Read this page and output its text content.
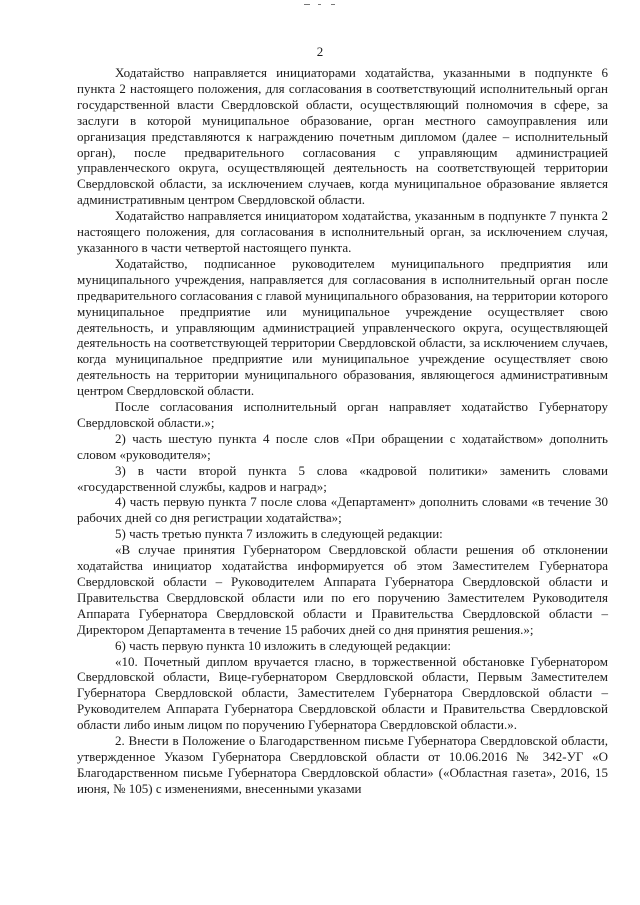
2

Ходатайство направляется инициаторами ходатайства, указанными в подпункте 6 пункта 2 настоящего положения, для согласования в соответствующий исполнительный орган государственной власти Свердловской области, осуществляющий полномочия в сфере, за заслуги в которой муниципальное образование, орган местного самоуправления или организация представляются к награждению почетным дипломом (далее – исполнительный орган), после предварительного согласования с управляющим администрацией управленческого округа, осуществляющей деятельность на соответствующей территории Свердловской области, за исключением случаев, когда муниципальное образование является административным центром Свердловской области.

Ходатайство направляется инициатором ходатайства, указанным в подпункте 7 пункта 2 настоящего положения, для согласования в исполнительный орган, за исключением случая, указанного в части четвертой настоящего пункта.

Ходатайство, подписанное руководителем муниципального предприятия или муниципального учреждения, направляется для согласования в исполнительный орган после предварительного согласования с главой муниципального образования, на территории которого муниципальное предприятие или муниципальное учреждение осуществляет свою деятельность, и управляющим администрацией управленческого округа, осуществляющей деятельность на соответствующей территории Свердловской области, за исключением случаев, когда муниципальное предприятие или муниципальное учреждение осуществляет свою деятельность на территории муниципального образования, являющегося административным центром Свердловской области.

После согласования исполнительный орган направляет ходатайство Губернатору Свердловской области.»;

2) часть шестую пункта 4 после слов «При обращении с ходатайством» дополнить словом «руководителя»;

3) в части второй пункта 5 слова «кадровой политики» заменить словами «государственной службы, кадров и наград»;

4) часть первую пункта 7 после слова «Департамент» дополнить словами «в течение 30 рабочих дней со дня регистрации ходатайства»;

5) часть третью пункта 7 изложить в следующей редакции:

«В случае принятия Губернатором Свердловской области решения об отклонении ходатайства инициатор ходатайства информируется об этом Заместителем Губернатора Свердловской области – Руководителем Аппарата Губернатора Свердловской области и Правительства Свердловской области или по его поручению Заместителем Руководителя Аппарата Губернатора Свердловской области и Правительства Свердловской области – Директором Департамента в течение 15 рабочих дней со дня принятия решения.»;

6) часть первую пункта 10 изложить в следующей редакции:

«10. Почетный диплом вручается гласно, в торжественной обстановке Губернатором Свердловской области, Вице-губернатором Свердловской области, Первым Заместителем Губернатора Свердловской области, Заместителем Губернатора Свердловской области – Руководителем Аппарата Губернатора Свердловской области и Правительства Свердловской области либо иным лицом по поручению Губернатора Свердловской области.».

2. Внести в Положение о Благодарственном письме Губернатора Свердловской области, утвержденное Указом Губернатора Свердловской области от 10.06.2016 № 342-УГ «О Благодарственном письме Губернатора Свердловской области» («Областная газета», 2016, 15 июня, № 105) с изменениями, внесенными указами
